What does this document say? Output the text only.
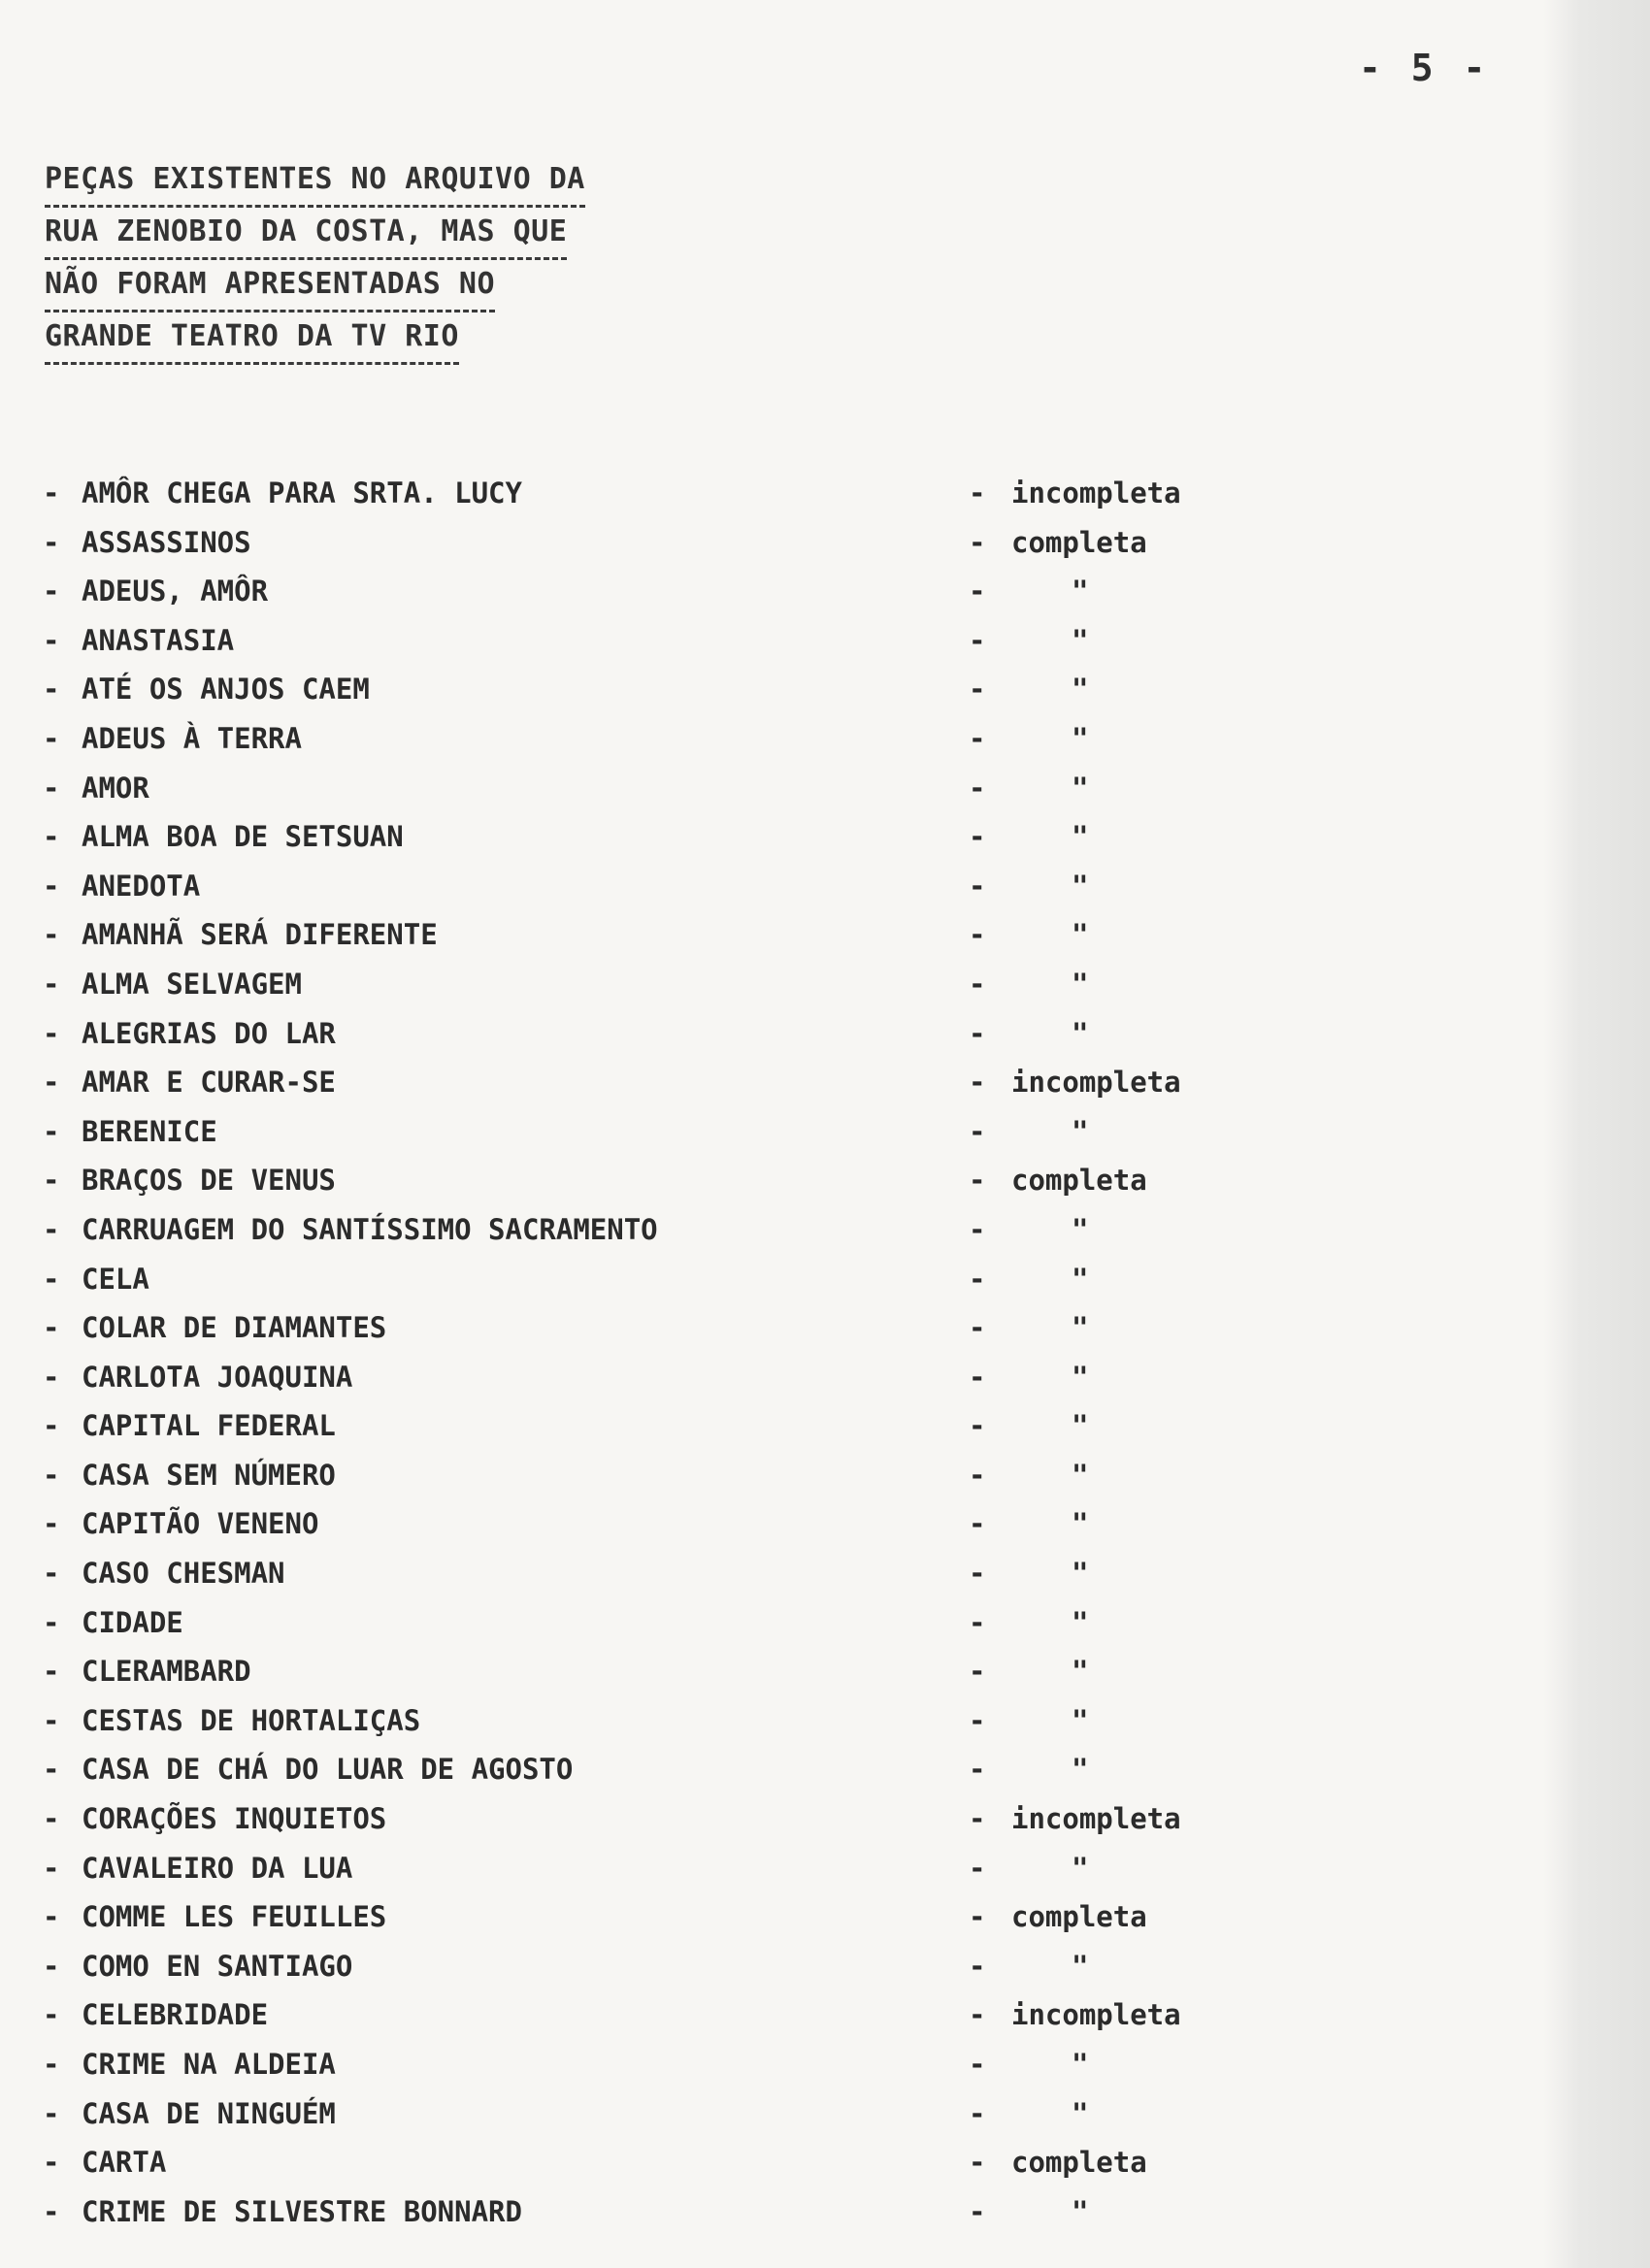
- 5 -
PEÇAS EXISTENTES NO ARQUIVO DA
RUA ZENOBIO DA COSTA, MAS QUE
NÃO FORAM APRESENTADAS NO
GRANDE TEATRO DA TV RIO
- AMÔR CHEGA PARA SRTA. LUCY	- incompleta
- ASSASSINOS	- completa
- ADEUS, AMÔR	-	"
- ANASTASIA	-	"
- ATÉ OS ANJOS CAEM	-	"
- ADEUS À TERRA	-	"
- AMOR	-	"
- ALMA BOA DE SETSUAN	-	"
- ANEDOTA	-	"
- AMANHÃ SERÁ DIFERENTE	-	"
- ALMA SELVAGEM	-	"
- ALEGRIAS DO LAR	-	"
- AMAR E CURAR-SE	- incompleta
- BERENICE	-	"
- BRAÇOS DE VENUS	- completa
- CARRUAGEM DO SANTÍSSIMO SACRAMENTO	-	"
- CELA	-	"
- COLAR DE DIAMANTES	-	"
- CARLOTA JOAQUINA	-	"
- CAPITAL FEDERAL	-	"
- CASA SEM NÚMERO	-	"
- CAPITÃO VENENO	-	"
- CASO CHESMAN	-	"
- CIDADE	-	"
- CLERAMBARD	-	"
- CESTAS DE HORTALIÇAS	-	"
- CASA DE CHÁ DO LUAR DE AGOSTO	-	"
- CORAÇÕES INQUIETOS	- incompleta
- CAVALEIRO DA LUA	-	"
- COMME LES FEUILLES	- completa
- COMO EN SANTIAGO	-	"
- CELEBRIDADE	- incompleta
- CRIME NA ALDEIA	-	"
- CASA DE NINGUÉM	-	"
- CARTA	- completa
- CRIME DE SILVESTRE BONNARD	-	"
